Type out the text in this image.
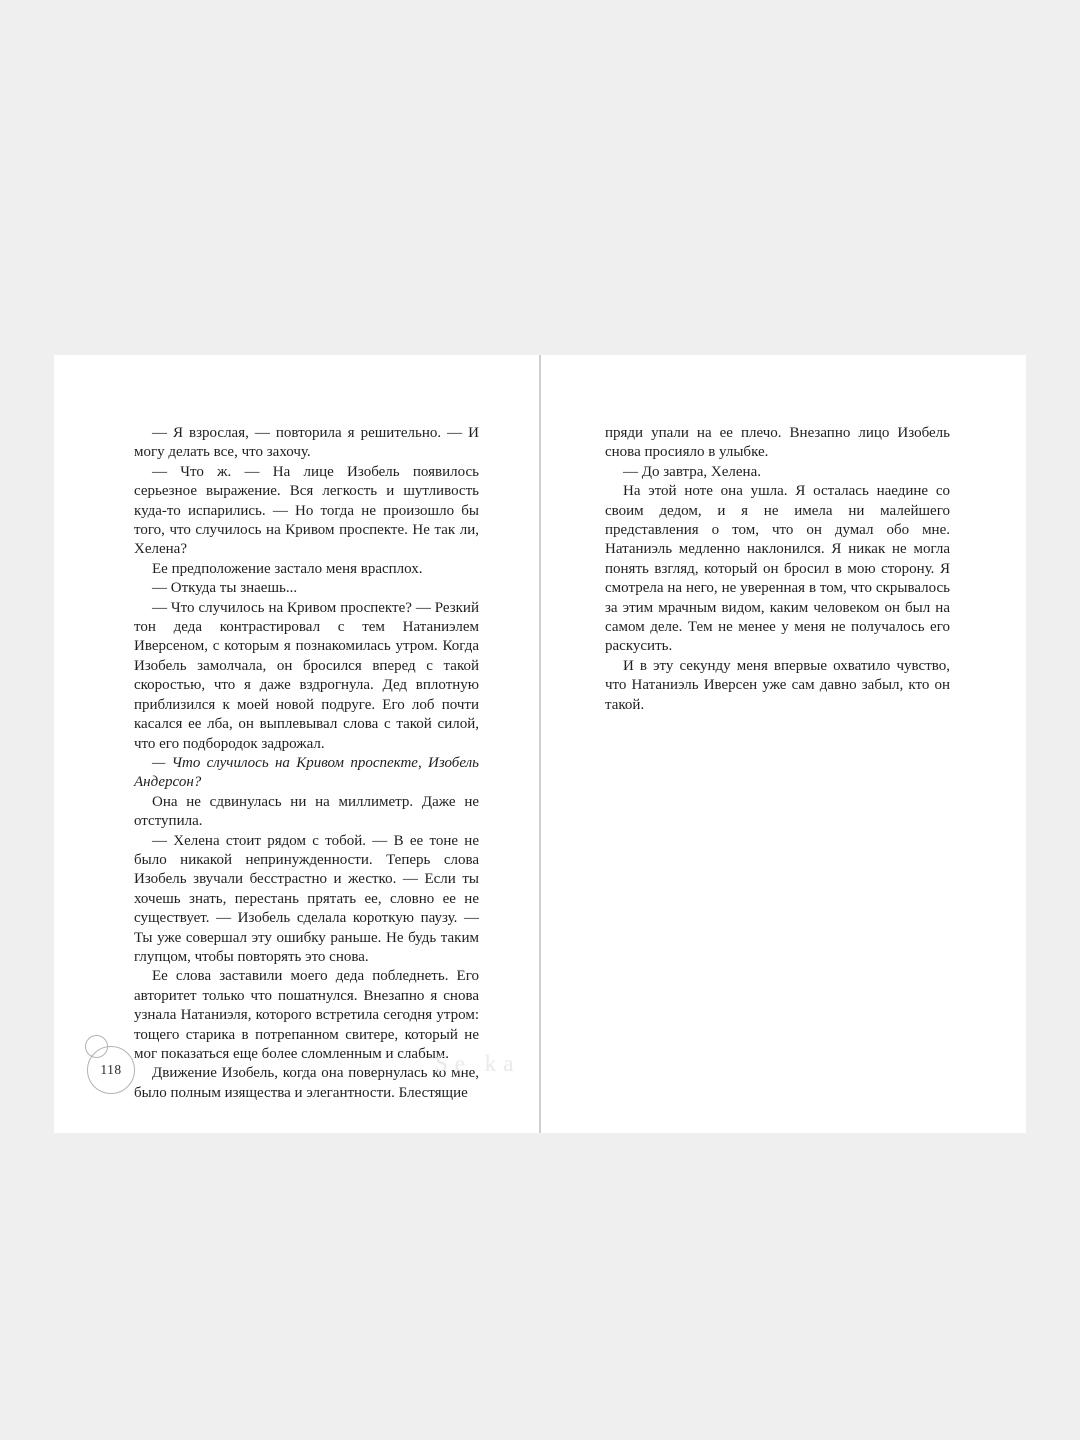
— Я взрослая, — повторила я решительно. — И могу делать все, что захочу.

— Что ж. — На лице Изобель появилось серьезное выражение. Вся легкость и шутливость куда-то испарились. — Но тогда не произошло бы того, что случилось на Кривом проспекте. Не так ли, Хелена?

Ее предположение застало меня врасплох.

— Откуда ты знаешь...

— Что случилось на Кривом проспекте? — Резкий тон деда контрастировал с тем Натаниэлем Иверсеном, с которым я познакомилась утром. Когда Изобель замолчала, он бросился вперед с такой скоростью, что я даже вздрогнула. Дед вплотную приблизился к моей новой подруге. Его лоб почти касался ее лба, он выплевывал слова с такой силой, что его подбородок задрожал.

— Что случилось на Кривом проспекте, Изобель Андерсон?

Она не сдвинулась ни на миллиметр. Даже не отступила.

— Хелена стоит рядом с тобой. — В ее тоне не было никакой непринужденности. Теперь слова Изобель звучали бесстрастно и жестко. — Если ты хочешь знать, перестань прятать ее, словно ее не существует. — Изобель сделала короткую паузу. — Ты уже совершал эту ошибку раньше. Не будь таким глупцом, чтобы повторять это снова.

Ее слова заставили моего деда побледнеть. Его авторитет только что пошатнулся. Внезапно я снова узнала Натаниэля, которого встретила сегодня утром: тощего старика в потрепанном свитере, который не мог показаться еще более сломленным и слабым.

Движение Изобель, когда она повернулась ко мне, было полным изящества и элегантности. Блестящие

118	Se ka

пряди упали на ее плечо. Внезапно лицо Изобель снова просияло в улыбке.

— До завтра, Хелена.

На этой ноте она ушла. Я осталась наедине со своим дедом, и я не имела ни малейшего представления о том, что он думал обо мне. Натаниэль медленно наклонился. Я никак не могла понять взгляд, который он бросил в мою сторону. Я смотрела на него, не уверенная в том, что скрывалось за этим мрачным видом, каким человеком он был на самом деле. Тем не менее у меня не получалось его раскусить.

И в эту секунду меня впервые охватило чувство, что Натаниэль Иверсен уже сам давно забыл, кто он такой.
